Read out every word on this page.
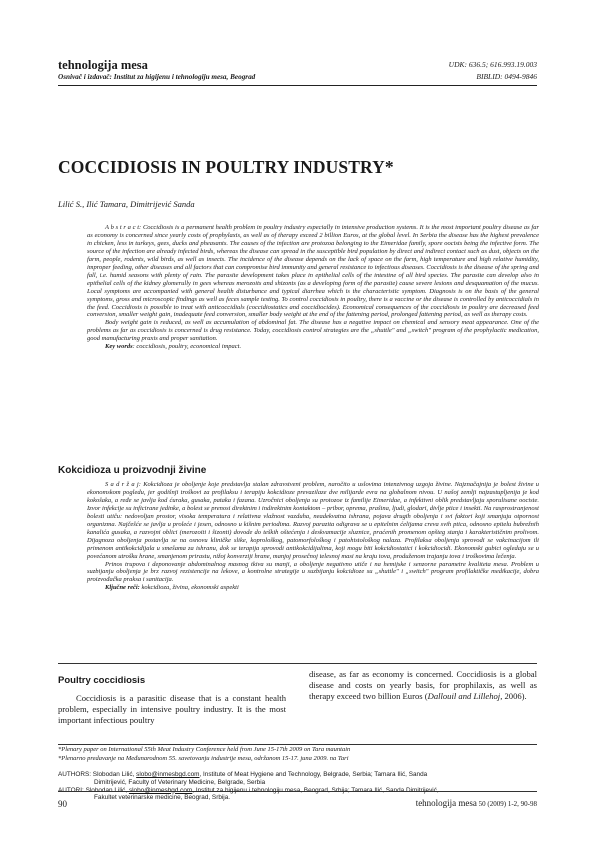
tehnologija mesa
Osnivač i izdavač: Institut za higijenu i tehnologiju mesa, Beograd
UDK: 636.5; 616.993.19.003
BIBLID: 0494-9846
COCCIDIOSIS IN POULTRY INDUSTRY*
Lilić S., Ilić Tamara, Dimitrijević Sanda

A b s t r a c t: Coccidiosis is a permanent health problem in poultry industry especially in intensive production systems. It is the most important poultry disease as far as economy is concerned since yearly costs of prophylaxis, as well as of therapy exceed 2 billion Euros, at the global level. In Serbia the disease has the highest prevalence in chicken, less in turkeys, gees, ducks and pheasants. The causes of the infection are protozoa belonging to the Eimeridae family, spore oocists being the infective form. The source of the infection are already infected birds, whereas the disease can spread in the susceptible bird population by direct and indirect contact such as dust, objects on the farm, people, rodents, wild birds, as well as insects. The incidence of the disease depends on the lack of space on the farm, high temperature and high relative humidity, improper feeding, other diseases and all factors that can compromise bird immunity and general resistance to infectious diseases. Coccidiosis is the disease of the spring and fall, i.e. humid seasons with plenty of rain. The parasite development takes place in epithelial cells of the intestine of all bird species. The parasite can develop also in epithelial cells of the kidney glomerully in gees whereas merozoits and shizonts (as a developing form of the parasite) cause severe lesions and desquamation of the mucus. Local symptoms are accompanied with general health disturbance and typical diarrhea which is the characteristic symptom. Diagnosis is on the basis of the general symptoms, gross and microscopic findings as well as feces sample testing. To control coccidiosis in poultry, there is a vaccine or the disease is controlled by anticoccidials in the feed. Coccidiosis is possible to treat with anticoccidials (coccidiostatics and coccidiocides). Economical consequences of the coccidiosis in poultry are decreased feed conversion, smaller weight gain, inadequate feed conversion, smaller body weight at the end of the fattening period, prolonged fattening period, as well as therapy costs.

Body weight gain is reduced, as well as accumulation of abdominal fat. The disease has a negative impact on chemical and sensory meat appearance. One of the problems as far as coccidiosis is concerned is drug resistance. Today, coccidiosis control strategies are the „shuttle" and „switch" program of the prophylactic medication, good manufacturing praxis and proper sanitation.

Key words: coccidiosis, poultry, economical impact.

Kokcidioza u proizvodnji živine

S a d r ž a j: Kokcidioza je oboljenje koje predstavlja stalan zdravstveni problem, naročito u uslovima intenzivnog uzgoja živine. Najznačajnija je bolest živine u ekonomskom pogledu, jer godišnji troškovi za profilaksu i terapiju kokcidioze prevazilaze dve milijarde evra na globalnom nivou. U našoj zemlji najzastupljenija je kod kokošaka, a ređe se javlja kod ćuraka, gusaka, pataka i fazana. Uzročnici oboljenja su protozoe iz familije Eimeridae, a infektivni oblik predstavljaju sporulisane oociste. Izvor infekcije su inficirane jedinke, a bolest se prenosi direktnim i indirektnim kontaktom – pribor, oprema, prašina, ljudi, glodari, divlje ptice i insekti. Na rasprostranjenost bolesti utiču: nedovoljan prostor, visoka temperatura i relativna vlažnost vazduha, neadekvatna ishrana, pojava drugih oboljenja i svi faktori koji smanjuju otpornost organizma. Najčešće se javlja u proleće i jesen, odnosno u kišnim periodima. Razvoj parazita odigrava se u epitelnim ćelijama creva svih ptica, odnosno epitelu bubrežnih kanalića gusaka, a razvojni oblici (merozoiti i šizonti) dovode do teških oštećenja i deskvamacije sluznice, praćenih promenom opšteg stanja i karakterističnim prolivom. Dijagnoza oboljenja postavlja se na osnovu kliničke slike, koprološkog, patomorfološkog i patohistološkog nalaza. Profilaksa oboljenja sprovodi se vakcinacijom ili primenom antikokcidijala u smešama za ishranu, dok se terapija sprovodi antikokcidijalima, koji mogu biti kokcidiostatici i kokcidiocidi. Ekonomski gubici ogledaju se u povećanom utrošku hrane, smanjenom prirastu, nižoj konverziji hrane, manjoj prosečnoj telesnoj masi na kraju tova, produženom trajanju tova i troškovima lečenja.

Prinos trupova i deponovanje abdominalnog masnog tkiva su manji, a oboljenje negativno utiče i na hemijske i senzorne parametre kvaliteta mesa. Problem u suzbijanju oboljenja je brz razvoj rezistencije na lekove, a kontrolne strategije u suzbijanju kokcidioze su „shuttle" i „switch" program profilaktičke medikacije, dobra proizvođačka praksa i sanitacija.

Ključne reči: kokcidioza, živina, ekonomski aspekti

Poultry coccidiosis

Coccidiosis is a parasitic disease that is a constant health problem, especially in intensive poultry industry. It is the most important infectious poultry

disease, as far as economy is concerned. Coccidiosis is a global disease and costs on yearly basis, for prophilaxis, as well as therapy exceed two billion Euros (Dallouil and Lillehoj, 2006).

*Plenary paper on International 55th Meat Industry Conference held from June 15-17th 2009 on Tara mauntain
*Plenarno predavanje na Međunarodnom 55. savetovanju industrije mesa, održanom 15-17. juna 2009. na Tari

AUTHORS: Slobodan Lilić, slobo@inmesbgd.com, Institute of Meat Hygiene and Technology, Belgrade, Serbia; Tamara Ilić, Sanda

Dimitrijević, Faculty of Veterinary Medicine, Belgrade, Serbia

AUTORI: Slobodan Lilić, slobo@inmesbgd.com, Institut za higijenu i tehnologiju mesa, Beograd, Srbija; Tamara Ilić, Sanda Dimitrijević,

Fakultet veterinarske medicine, Beograd, Srbija.

90	tehnologija mesa 50 (2009) 1-2, 90-98
